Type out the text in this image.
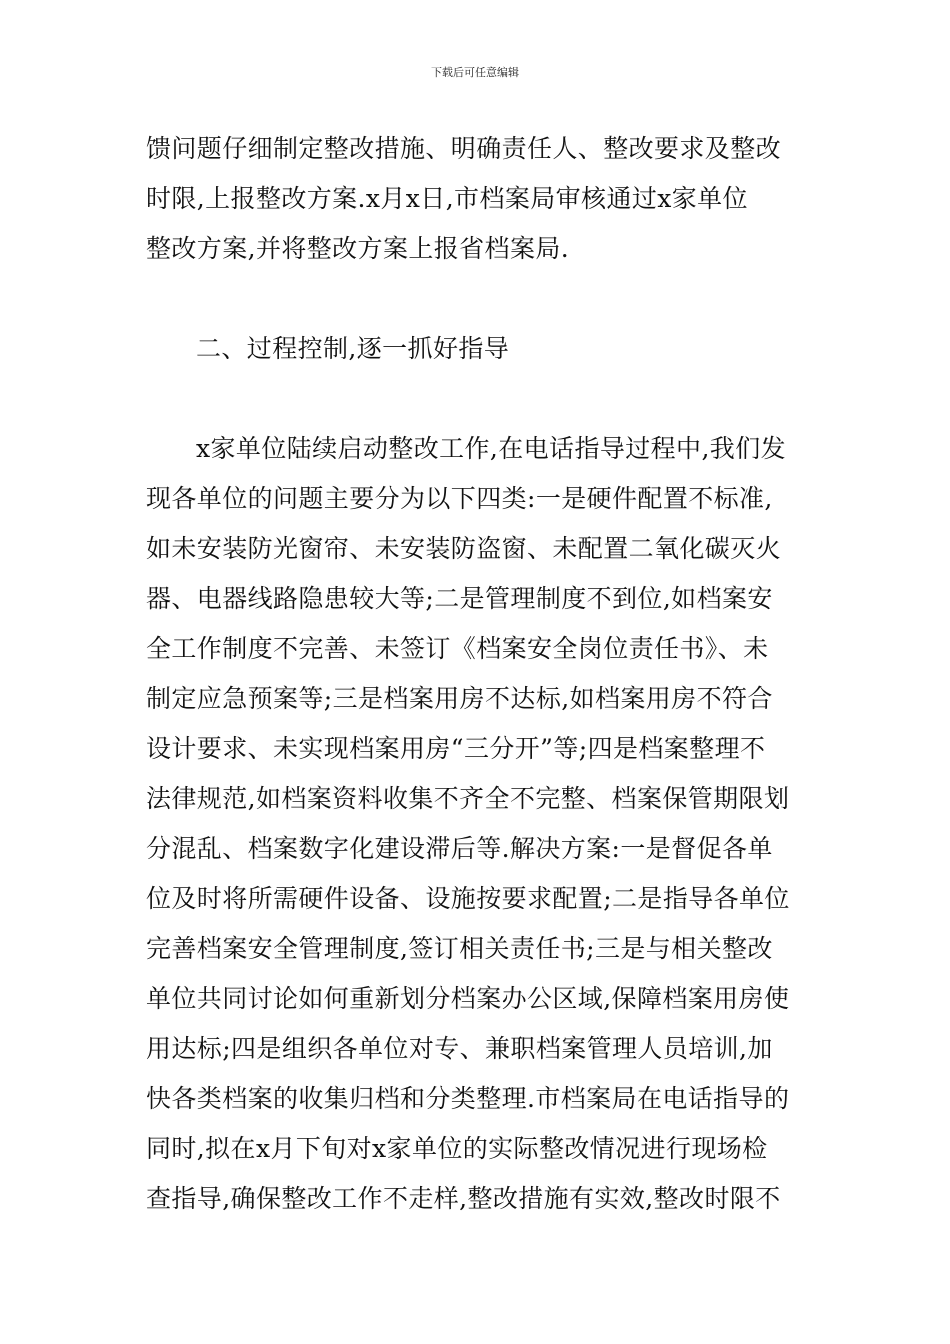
下载后可任意编辑
馈问题仔细制定整改措施、明确责任人、整改要求及整改
时限,上报整改方案.x月x日,市档案局审核通过x家单位
整改方案,并将整改方案上报省档案局.
二、过程控制,逐一抓好指导
x家单位陆续启动整改工作,在电话指导过程中,我们发
现各单位的问题主要分为以下四类:一是硬件配置不标准,
如未安装防光窗帘、未安装防盗窗、未配置二氧化碳灭火
器、电器线路隐患较大等;二是管理制度不到位,如档案安
全工作制度不完善、未签订《档案安全岗位责任书》、未
制定应急预案等;三是档案用房不达标,如档案用房不符合
设计要求、未实现档案用房“三分开”等;四是档案整理不
法律规范,如档案资料收集不齐全不完整、档案保管期限划
分混乱、档案数字化建设滞后等.解决方案:一是督促各单
位及时将所需硬件设备、设施按要求配置;二是指导各单位
完善档案安全管理制度,签订相关责任书;三是与相关整改
单位共同讨论如何重新划分档案办公区域,保障档案用房使
用达标;四是组织各单位对专、兼职档案管理人员培训,加
快各类档案的收集归档和分类整理.市档案局在电话指导的
同时,拟在x月下旬对x家单位的实际整改情况进行现场检
查指导,确保整改工作不走样,整改措施有实效,整改时限不
